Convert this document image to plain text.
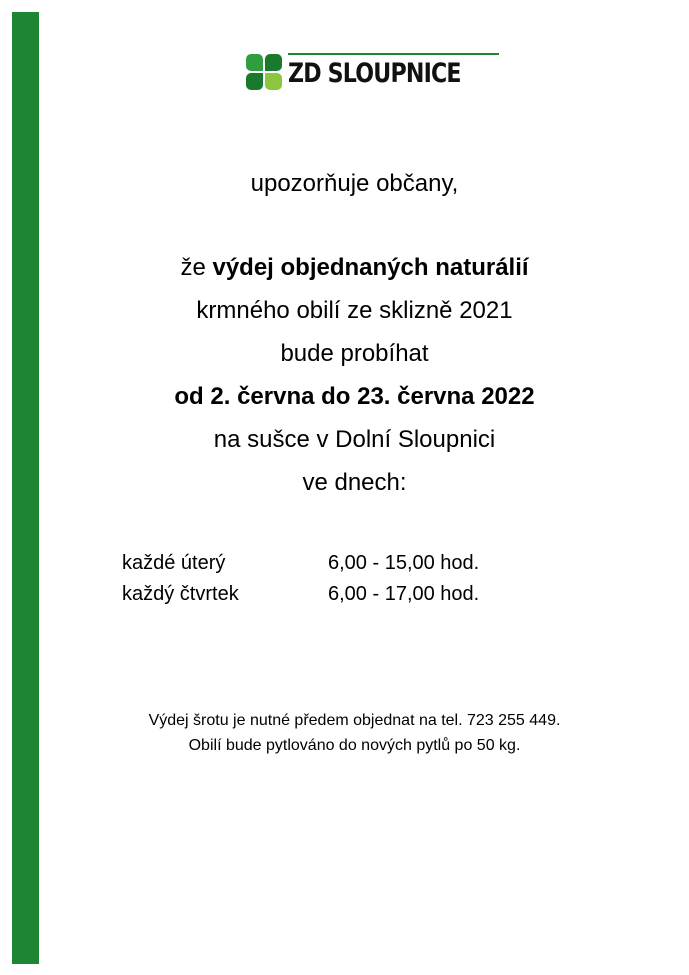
ZD SLOUPNICE
upozorňuje občany,
že výdej objednaných naturálií
krmného obilí ze sklizně 2021
bude probíhat
od 2. června do 23. června 2022
na sušce v Dolní Sloupnici
ve dnech:
každé úterý	6,00 - 15,00 hod.
každý čtvrtek	6,00 - 17,00 hod.
Výdej šrotu je nutné předem objednat na tel. 723 255 449.
Obilí bude pytlováno do nových pytlů po 50 kg.
